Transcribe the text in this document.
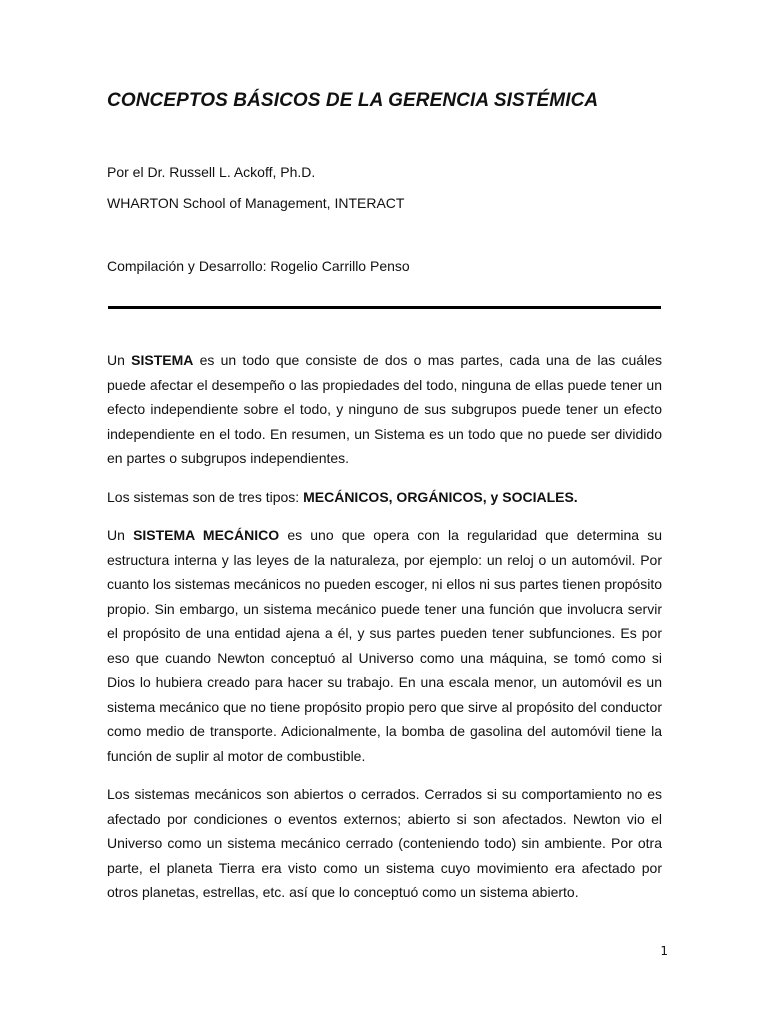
CONCEPTOS BÁSICOS DE LA GERENCIA SISTÉMICA

Por el Dr. Russell L. Ackoff, Ph.D.

WHARTON School of Management, INTERACT

Compilación y Desarrollo: Rogelio Carrillo Penso

Un SISTEMA es un todo que consiste de dos o mas partes, cada una de las cuáles puede afectar el desempeño o las propiedades del todo, ninguna de ellas puede tener un efecto independiente sobre el todo, y ninguno de sus subgrupos puede tener un efecto independiente en el todo. En resumen, un Sistema es un todo que no puede ser dividido en partes o subgrupos independientes.

Los sistemas son de tres tipos: MECÁNICOS, ORGÁNICOS, y SOCIALES.

Un SISTEMA MECÁNICO es uno que opera con la regularidad que determina su estructura interna y las leyes de la naturaleza, por ejemplo: un reloj o un automóvil. Por cuanto los sistemas mecánicos no pueden escoger, ni ellos ni sus partes tienen propósito propio. Sin embargo, un sistema mecánico puede tener una función que involucra servir el propósito de una entidad ajena a él, y sus partes pueden tener subfunciones. Es por eso que cuando Newton conceptuó al Universo como una máquina, se tomó como si Dios lo hubiera creado para hacer su trabajo. En una escala menor, un automóvil es un sistema mecánico que no tiene propósito propio pero que sirve al propósito del conductor como medio de transporte. Adicionalmente, la bomba de gasolina del automóvil tiene la función de suplir al motor de combustible.

Los sistemas mecánicos son abiertos o cerrados. Cerrados si su comportamiento no es afectado por condiciones o eventos externos; abierto si son afectados. Newton vio el Universo como un sistema mecánico cerrado (conteniendo todo) sin ambiente. Por otra parte, el planeta Tierra era visto como un sistema cuyo movimiento era afectado por otros planetas, estrellas, etc. así que lo conceptuó como un sistema abierto.

1
